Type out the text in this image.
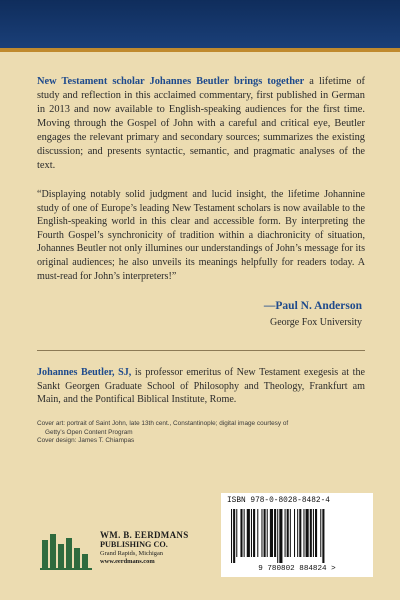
New Testament scholar Johannes Beutler brings together a lifetime of study and reflection in this acclaimed commentary, first published in German in 2013 and now available to English-speaking audiences for the first time. Moving through the Gospel of John with a careful and critical eye, Beutler engages the relevant primary and secondary sources; summarizes the existing discussion; and presents syntactic, semantic, and pragmatic analyses of the text.

“Displaying notably solid judgment and lucid insight, the lifetime Johannine study of one of Europe’s leading New Testament scholars is now available to the English-speaking world in this clear and accessible form. By interpreting the Fourth Gospel’s synchronicity of tradition within a diachronicity of situation, Johannes Beutler not only illumines our understandings of John’s message for its original audiences; he also unveils its meanings helpfully for readers today. A must-read for John’s interpreters!”

—Paul N. Anderson
George Fox University

Johannes Beutler, SJ, is professor emeritus of New Testament exegesis at the Sankt Georgen Graduate School of Philosophy and Theology, Frankfurt am Main, and the Pontifical Biblical Institute, Rome.

Cover art: portrait of Saint John, late 13th cent., Constantinople; digital image courtesy of
Getty’s Open Content Program
Cover design: James T. Chiampas
WM. B. EERDMANS
PUBLISHING CO.
Grand Rapids, Michigan
www.eerdmans.com
ISBN 978-0-8028-8482-4
9 780802 884824 >
